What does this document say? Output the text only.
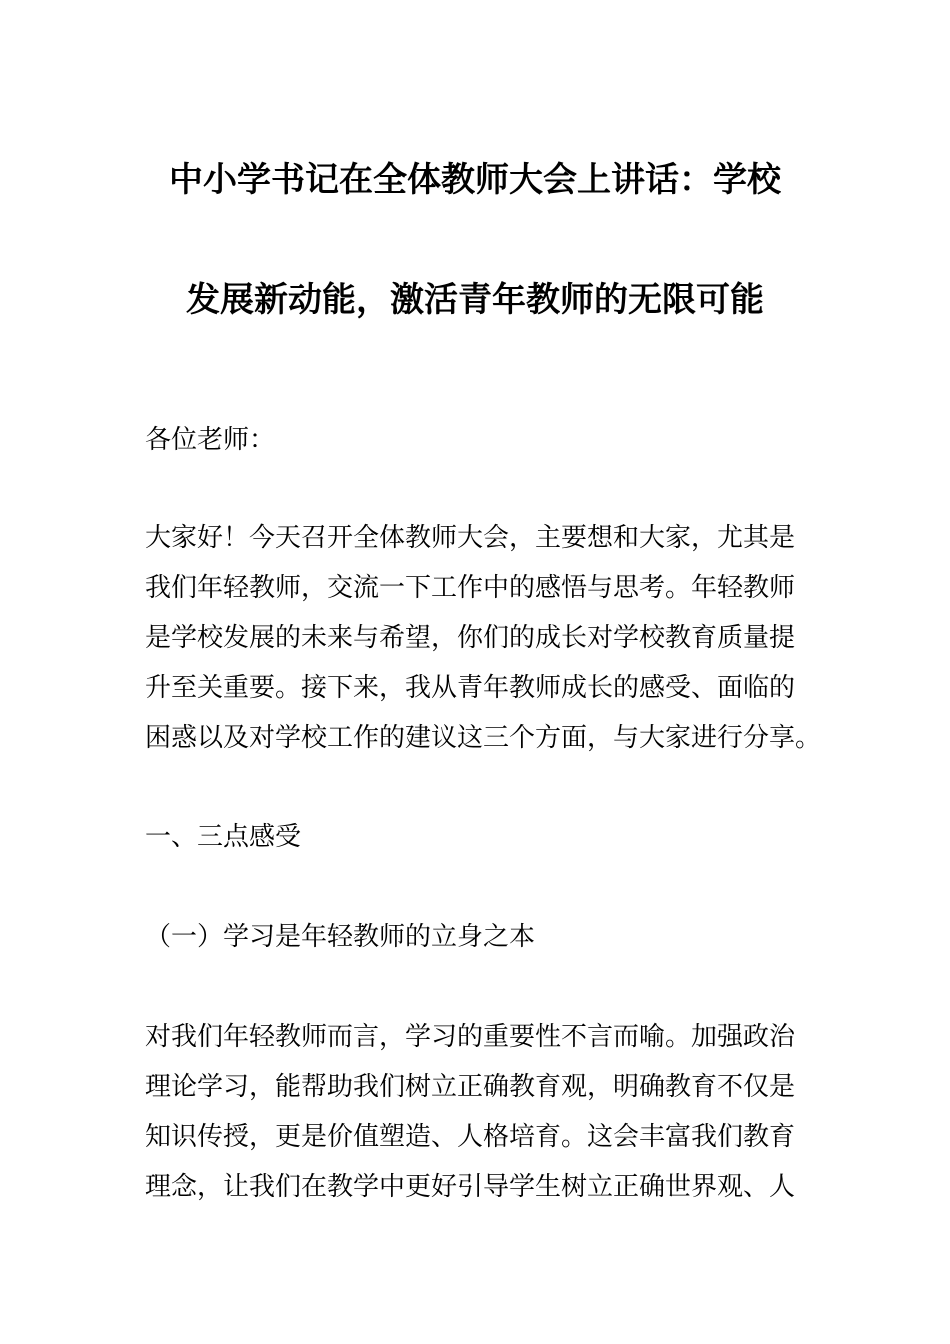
中小学书记在全体教师大会上讲话：学校
发展新动能，激活青年教师的无限可能
各位老师：
大家好！今天召开全体教师大会，主要想和大家，尤其是
我们年轻教师，交流一下工作中的感悟与思考。年轻教师
是学校发展的未来与希望，你们的成长对学校教育质量提
升至关重要。接下来，我从青年教师成长的感受、面临的
困惑以及对学校工作的建议这三个方面，与大家进行分享。
一、三点感受
（一）学习是年轻教师的立身之本
对我们年轻教师而言，学习的重要性不言而喻。加强政治
理论学习，能帮助我们树立正确教育观，明确教育不仅是
知识传授，更是价值塑造、人格培育。这会丰富我们教育
理念，让我们在教学中更好引导学生树立正确世界观、人
